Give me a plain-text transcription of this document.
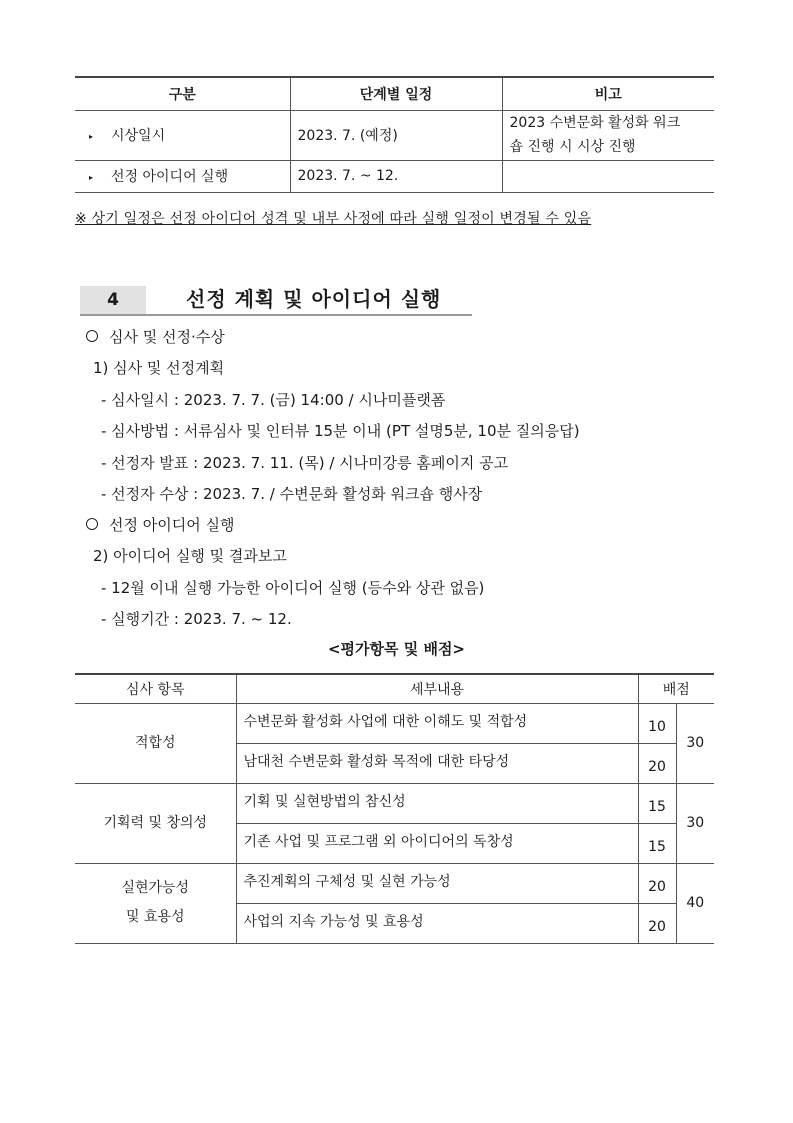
구분	단계별 일정	비고
▸ 시상일시	2023. 7. (예정)	2023 수변문화 활성화 워크
숍 진행 시 시상 진행

▸ 선정 아이디어 실행	2023. 7. ~ 12.	
※ 상기 일정은 선정 아이디어 성격 및 내부 사정에 따라 실행 일정이 변경될 수 있음
4	선정 계획 및 아이디어 실행
심사 및 선정·수상
1) 심사 및 선정계획
- 심사일시 : 2023. 7. 7. (금) 14:00 / 시나미플랫폼
- 심사방법 : 서류심사 및 인터뷰 15분 이내 (PT 설명5분, 10분 질의응답)
- 선정자 발표 : 2023. 7. 11. (목) / 시나미강릉 홈페이지 공고
- 선정자 수상 : 2023. 7. / 수변문화 활성화 워크숍 행사장
선정 아이디어 실행
2) 아이디어 실행 및 결과보고
- 12월 이내 실행 가능한 아이디어 실행 (등수와 상관 없음)
- 실행기간 : 2023. 7. ~ 12.
<평가항목 및 배점>
심사 항목	세부내용	배점	

적합성	수변문화 활성화 사업에 대한 이해도 및 적합성	10	30
	남대천 수변문화 활성화 목적에 대한 타당성	20	

기획력 및 창의성	기획 및 실현방법의 참신성	15	30
	기존 사업 및 프로그램 외 아이디어의 독창성	15	

실현가능성
및 효용성	추진계획의 구체성 및 실현 가능성	20	40
	사업의 지속 가능성 및 효용성	20	
